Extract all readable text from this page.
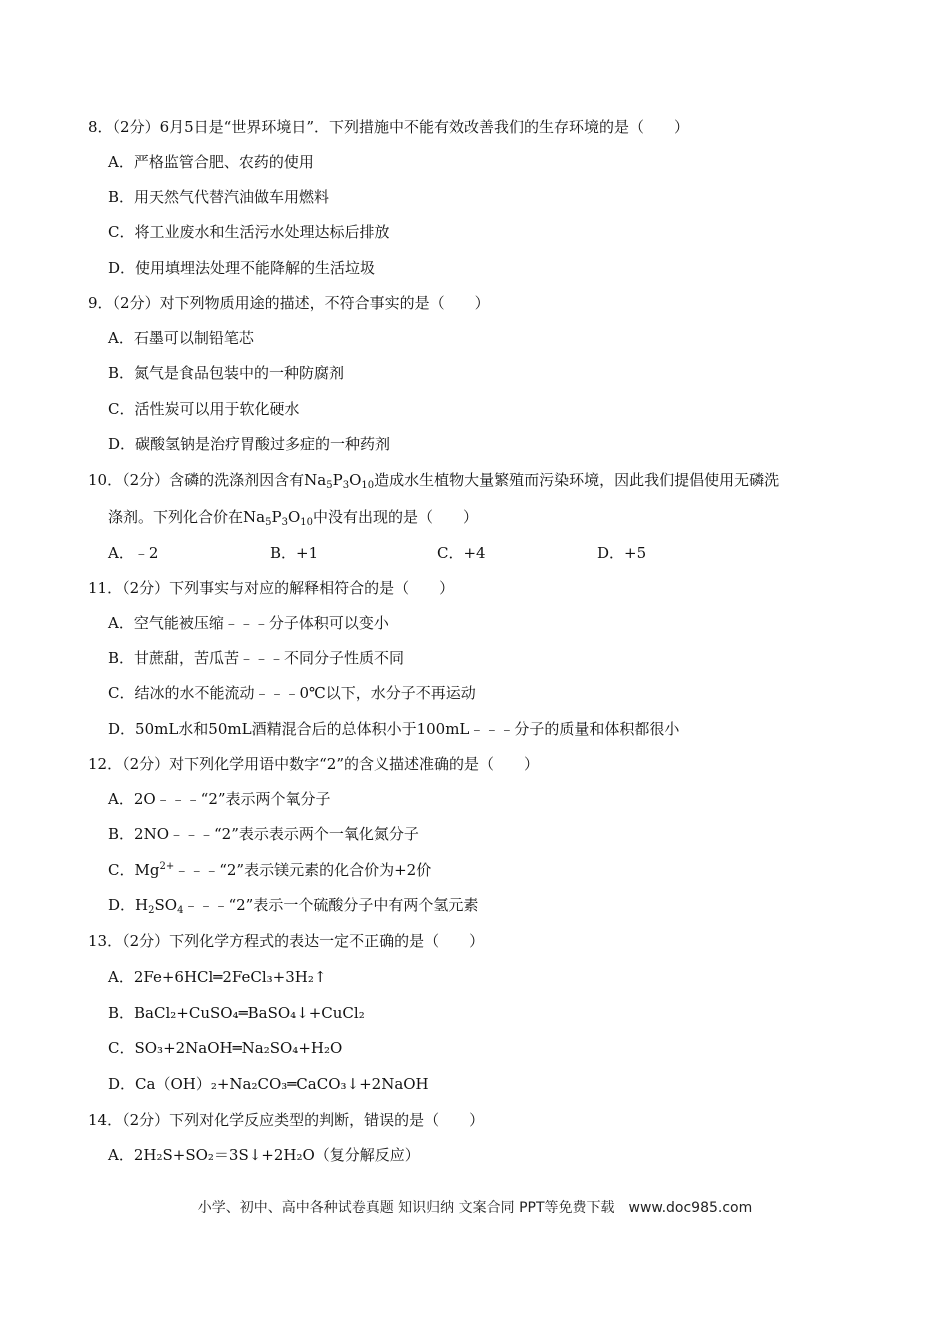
8．（2分）6月5日是“世界环境日”．下列措施中不能有效改善我们的生存环境的是（　　）
A．严格监管合肥、农药的使用
B．用天然气代替汽油做车用燃料
C．将工业废水和生活污水处理达标后排放
D．使用填埋法处理不能降解的生活垃圾
9．（2分）对下列物质用途的描述，不符合事实的是（　　）
A．石墨可以制铅笔芯
B．氮气是食品包装中的一种防腐剂
C．活性炭可以用于软化硬水
D．碳酸氢钠是治疗胃酸过多症的一种药剂
10．（2分）含磷的洗涤剂因含有$Na_5P_3O_{10}$造成水生植物大量繁殖而污染环境，因此我们提倡使用无磷洗
涤剂。下列化合价在$Na_5P_3O_{10}$中没有出现的是（　　）
A．﹣2	B．+1	C．+4	D．+5
11．（2分）下列事实与对应的解释相符合的是（　　）
A．空气能被压缩﹣﹣﹣分子体积可以变小
B．甘蔗甜，苦瓜苦﹣﹣﹣不同分子性质不同
C．结冰的水不能流动﹣﹣﹣0℃以下，水分子不再运动
D．50mL水和50mL酒精混合后的总体积小于100mL﹣﹣﹣分子的质量和体积都很小
12．（2分）对下列化学用语中数字“2”的含义描述准确的是（　　）
A．2O﹣﹣﹣“2”表示两个氧分子
B．2NO﹣﹣﹣“2”表示表示两个一氧化氮分子
C．$Mg^{2+}﹣﹣﹣“2$”表示镁元素的化合价为+2价
D．$H_2SO_4﹣﹣﹣“2$”表示一个硫酸分子中有两个氢元素
13．（2分）下列化学方程式的表达一定不正确的是（　　）
A．2Fe+6HCl═2FeCl₃+3H₂↑
B．BaCl₂+CuSO₄═BaSO₄↓+CuCl₂
C．SO₃+2NaOH═Na₂SO₄+H₂O
D．Ca（OH）₂+Na₂CO₃═CaCO₃↓+2NaOH
14．（2分）下列对化学反应类型的判断，错误的是（　　）
A．2H₂S+SO₂＝3S↓+2H₂O（复分解反应）
小学、初中、高中各种试卷真题 知识归纳 文案合同 PPT等免费下载 www.doc985.com
